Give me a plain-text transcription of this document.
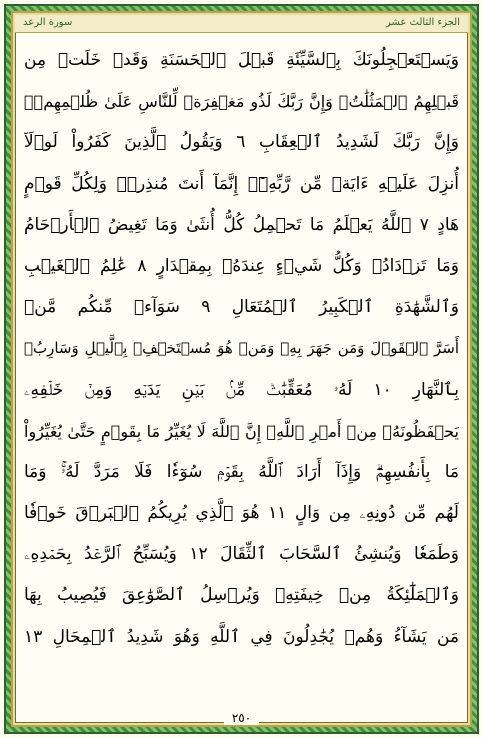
سورة الرعد	الجزء الثالث عشر
وَيَسۡتَعۡجِلُونَكَ بِٱلسَّيِّئَةِ قَبۡلَ ٱلۡحَسَنَةِ وَقَدۡ خَلَتۡ مِن
قَبۡلِهِمُ ٱلۡمَثُلَٰتُۗ وَإِنَّ رَبَّكَ لَذُو مَغۡفِرَةٖ لِّلنَّاسِ عَلَىٰ ظُلۡمِهِمۡۖ
وَإِنَّ رَبَّكَ لَشَدِيدُ ٱلۡعِقَابِ ٦ وَيَقُولُ ٱلَّذِينَ كَفَرُواْ لَوۡلَآ
أُنزِلَ عَلَيۡهِ ءَايَةٞ مِّن رَّبِّهِۦٓۗ إِنَّمَآ أَنتَ مُنذِرٞۖ وَلِكُلِّ قَوۡمٍ
هَادٍ ٧ ٱللَّهُ يَعۡلَمُ مَا تَحۡمِلُ كُلُّ أُنثَىٰ وَمَا تَغِيضُ ٱلۡأَرۡحَامُ
وَمَا تَزۡدَادُۚ وَكُلُّ شَيۡءٍ عِندَهُۥ بِمِقۡدَارٍ ٨ عَٰلِمُ ٱلۡغَيۡبِ
وَٱلشَّهَٰدَةِ ٱلۡكَبِيرُ ٱلۡمُتَعَالِ ٩ سَوَآءٞ مِّنكُم مَّنۡ
أَسَرَّ ٱلۡقَوۡلَ وَمَن جَهَرَ بِهِۦ وَمَنۡ هُوَ مُسۡتَخۡفِۭ بِٱلَّيۡلِ وَسَارِبُۢ
بِٱلنَّهَارِ ١٠ لَهُۥ مُعَقِّبَٰتٞ مِّنۢ بَيۡنِ يَدَيۡهِ وَمِنۡ خَلۡفِهِۦ
يَحۡفَظُونَهُۥ مِنۡ أَمۡرِ ٱللَّهِۗ إِنَّ ٱللَّهَ لَا يُغَيِّرُ مَا بِقَوۡمٍ حَتَّىٰ يُغَيِّرُواْ
مَا بِأَنفُسِهِمۡۗ وَإِذَآ أَرَادَ ٱللَّهُ بِقَوۡمٖ سُوٓءٗا فَلَا مَرَدَّ لَهُۥۚ وَمَا
لَهُم مِّن دُونِهِۦ مِن وَالٍ ١١ هُوَ ٱلَّذِي يُرِيكُمُ ٱلۡبَرۡقَ خَوۡفٗا
وَطَمَعٗا وَيُنشِئُ ٱلسَّحَابَ ٱلثِّقَالَ ١٢ وَيُسَبِّحُ ٱلرَّعۡدُ بِحَمۡدِهِۦ
وَٱلۡمَلَٰٓئِكَةُ مِنۡ خِيفَتِهِۦ وَيُرۡسِلُ ٱلصَّوَٰعِقَ فَيُصِيبُ بِهَا
مَن يَشَآءُ وَهُمۡ يُجَٰدِلُونَ فِي ٱللَّهِ وَهُوَ شَدِيدُ ٱلۡمِحَالِ ١٣
٢٥٠
